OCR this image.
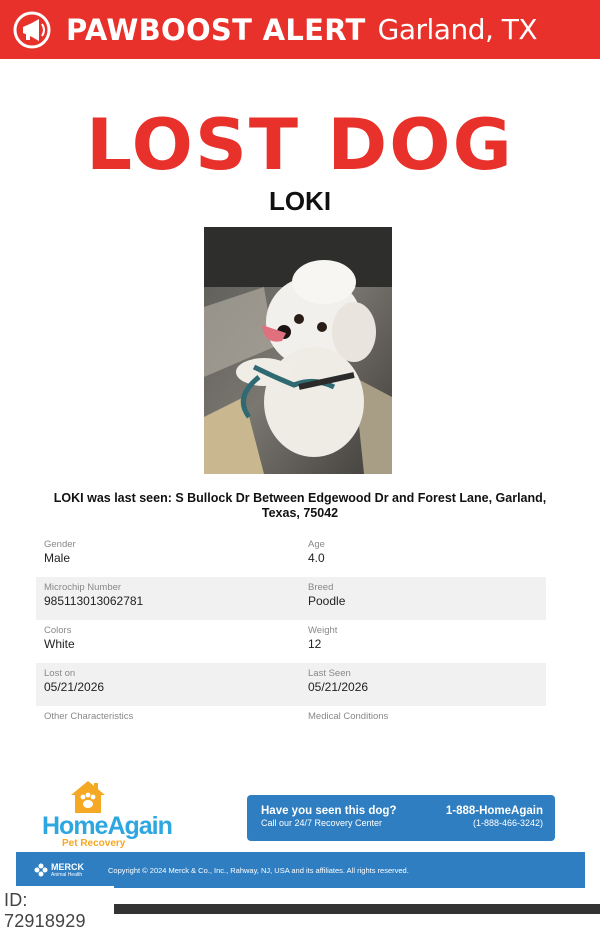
PAWBOOST ALERT Garland, TX
LOST DOG
LOKI
LOKI was last seen: S Bullock Dr Between Edgewood Dr and Forest Lane, Garland, Texas, 75042
Gender
Male
Age
4.0
Microchip Number
985113013062781
Breed
Poodle
Colors
White
Weight
12
Lost on
05/21/2026
Last Seen
05/21/2026
Other Characteristics	Medical Conditions
HomeAgain
Pet Recovery
Have you seen this dog?
Call our 24/7 Recovery Center
1-888-HomeAgain
(1-888-466-3242)
MERCK
Animal Health
Copyright © 2024 Merck & Co., Inc., Rahway, NJ, USA and its affiliates. All rights reserved.
ID: 72918929
